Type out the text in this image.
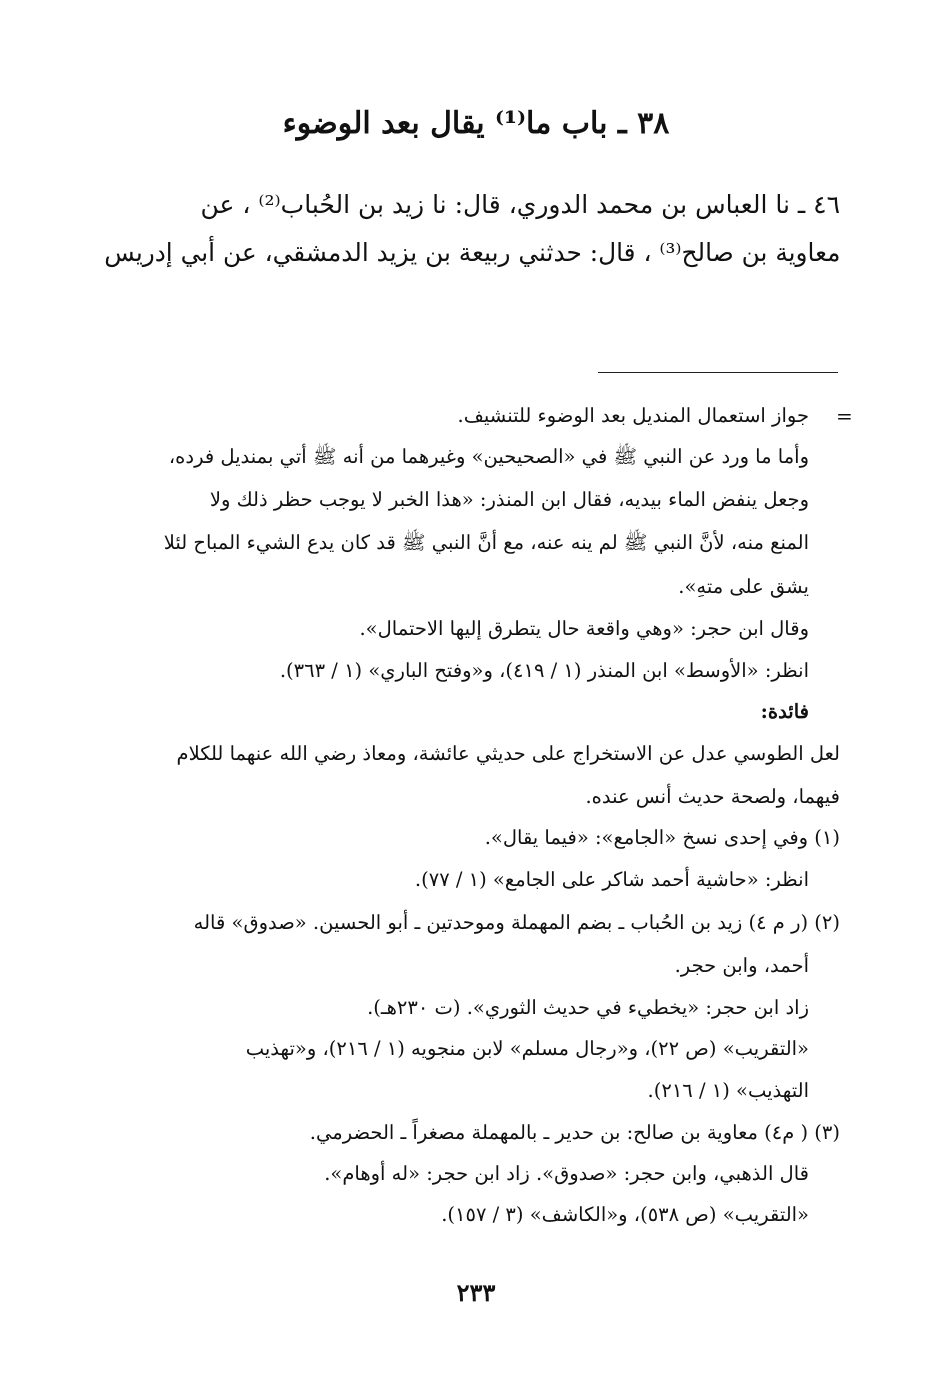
٣٨ ـ باب ما⁽¹⁾ يقال بعد الوضوء
٤٦ ـ نا العباس بن محمد الدوري، قال: نا زيد بن الحُباب⁽²⁾ ، عن
معاوية بن صالح⁽³⁾ ، قال: حدثني ربيعة بن يزيد الدمشقي، عن أبي إدريس
=
جواز استعمال المنديل بعد الوضوء للتنشيف.
وأما ما ورد عن النبي ﷺ في «الصحيحين» وغيرهما من أنه ﷺ أتي بمنديل فرده،
وجعل ينفض الماء بيديه، فقال ابن المنذر: «هذا الخبر لا يوجب حظر ذلك ولا
المنع منه، لأنَّ النبي ﷺ لم ينه عنه، مع أنَّ النبي ﷺ قد كان يدع الشيء المباح لئلا
يشق على متهِ».
وقال ابن حجر: «وهي واقعة حال يتطرق إليها الاحتمال».
انظر: «الأوسط» ابن المنذر (١ / ٤١٩)، و«وفتح الباري» (١ / ٣٦٣).
فائدة:
لعل الطوسي عدل عن الاستخراج على حديثي عائشة، ومعاذ رضي الله عنهما للكلام
فيهما، ولصحة حديث أنس عنده.
(١) وفي إحدى نسخ «الجامع»: «فيما يقال».
انظر: «حاشية أحمد شاكر على الجامع» (١ / ٧٧).
(٢) (ر م ٤) زيد بن الحُباب ـ بضم المهملة وموحدتين ـ أبو الحسين. «صدوق» قاله
أحمد، وابن حجر.
زاد ابن حجر: «يخطيء في حديث الثوري». (ت ٢٣٠هـ).
«التقريب» (ص ٢٢)، و«رجال مسلم» لابن منجويه (١ / ٢١٦)، و«تهذيب
التهذيب» (١ / ٢١٦).
(٣) ( م٤) معاوية بن صالح: بن حدير ـ بالمهملة مصغراً ـ الحضرمي.
قال الذهبي، وابن حجر: «صدوق». زاد ابن حجر: «له أوهام».
«التقريب» (ص ٥٣٨)، و«الكاشف» (٣ / ١٥٧).
٢٣٣
